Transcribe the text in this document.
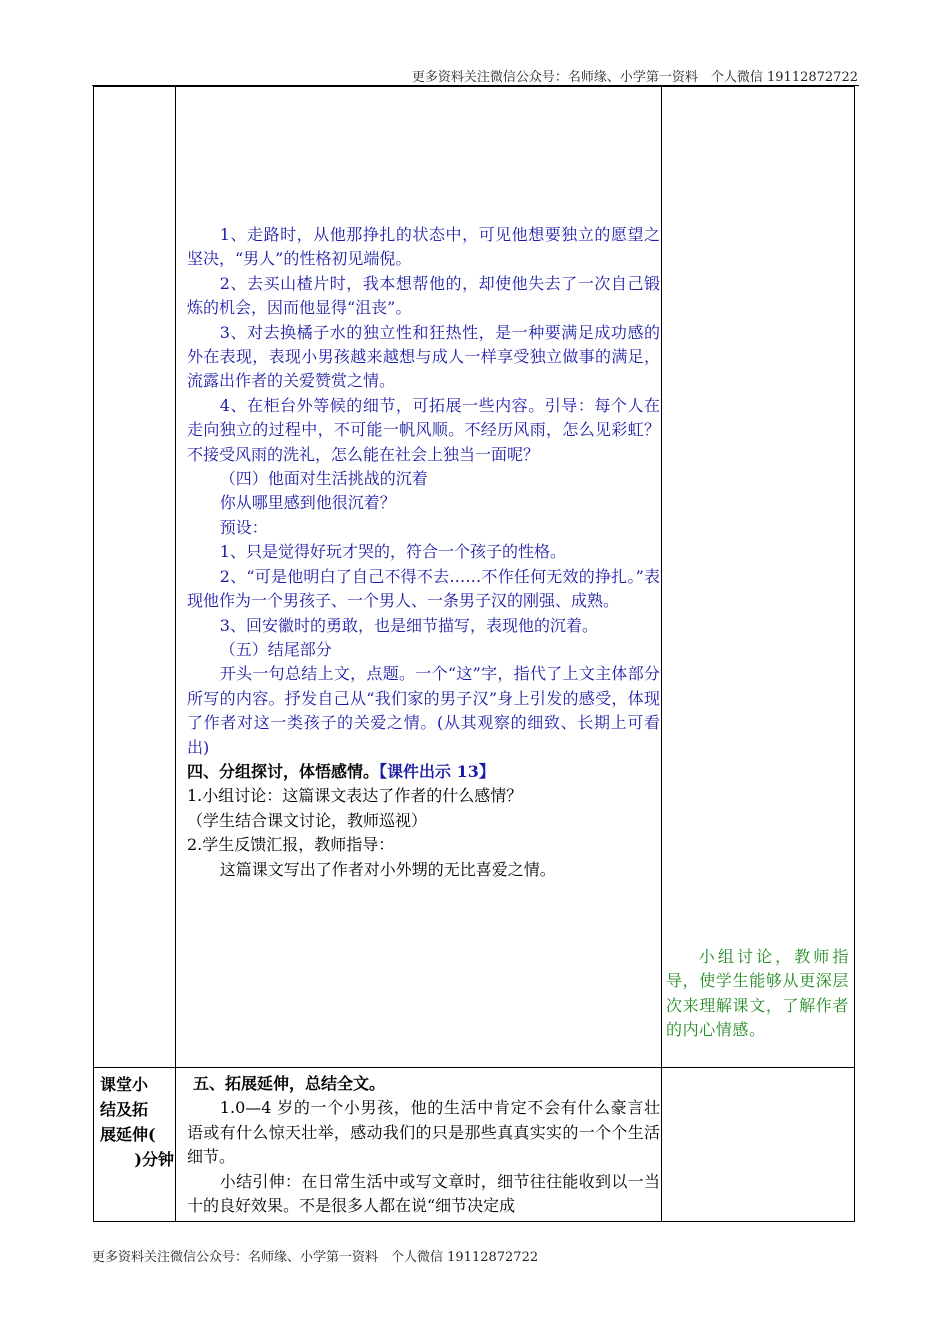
更多资料关注微信公众号：名师缘、小学第一资料　个人微信 19112872722

1、走路时，从他那挣扎的状态中，可见他想要独立的愿望之坚决，“男人”的性格初见端倪。

2、去买山楂片时，我本想帮他的，却使他失去了一次自己锻炼的机会，因而他显得“沮丧”。

3、对去换橘子水的独立性和狂热性，是一种要满足成功感的外在表现，表现小男孩越来越想与成人一样享受独立做事的满足，流露出作者的关爱赞赏之情。

4、在柜台外等候的细节，可拓展一些内容。引导：每个人在走向独立的过程中，不可能一帆风顺。不经历风雨，怎么见彩虹？不接受风雨的洗礼，怎么能在社会上独当一面呢？

（四）他面对生活挑战的沉着

你从哪里感到他很沉着？

预设：

1、只是觉得好玩才哭的，符合一个孩子的性格。

2、“可是他明白了自己不得不去……不作任何无效的挣扎。”表现他作为一个男孩子、一个男人、一条男子汉的刚强、成熟。

3、回安徽时的勇敢，也是细节描写，表现他的沉着。

（五）结尾部分

开头一句总结上文，点题。一个“这”字，指代了上文主体部分所写的内容。抒发自己从“我们家的男子汉”身上引发的感受，体现了作者对这一类孩子的关爱之情。(从其观察的细致、长期上可看出)

四、分组探讨，体悟感情。【课件出示 13】

1.小组讨论：这篇课文表达了作者的什么感情？

（学生结合课文讨论，教师巡视）

2.学生反馈汇报，教师指导：

这篇课文写出了作者对小外甥的无比喜爱之情。

小组讨论，教师指导，使学生能够从更深层次来理解课文，了解作者的内心情感。

课堂小
结及拓
展延伸(
)分钟

五、拓展延伸，总结全文。

1.0—4 岁的一个小男孩，他的生活中肯定不会有什么豪言壮语或有什么惊天壮举，感动我们的只是那些真真实实的一个个生活细节。

小结引伸：在日常生活中或写文章时，细节往往能收到以一当十的良好效果。不是很多人都在说“细节决定成

更多资料关注微信公众号：名师缘、小学第一资料　个人微信 19112872722
